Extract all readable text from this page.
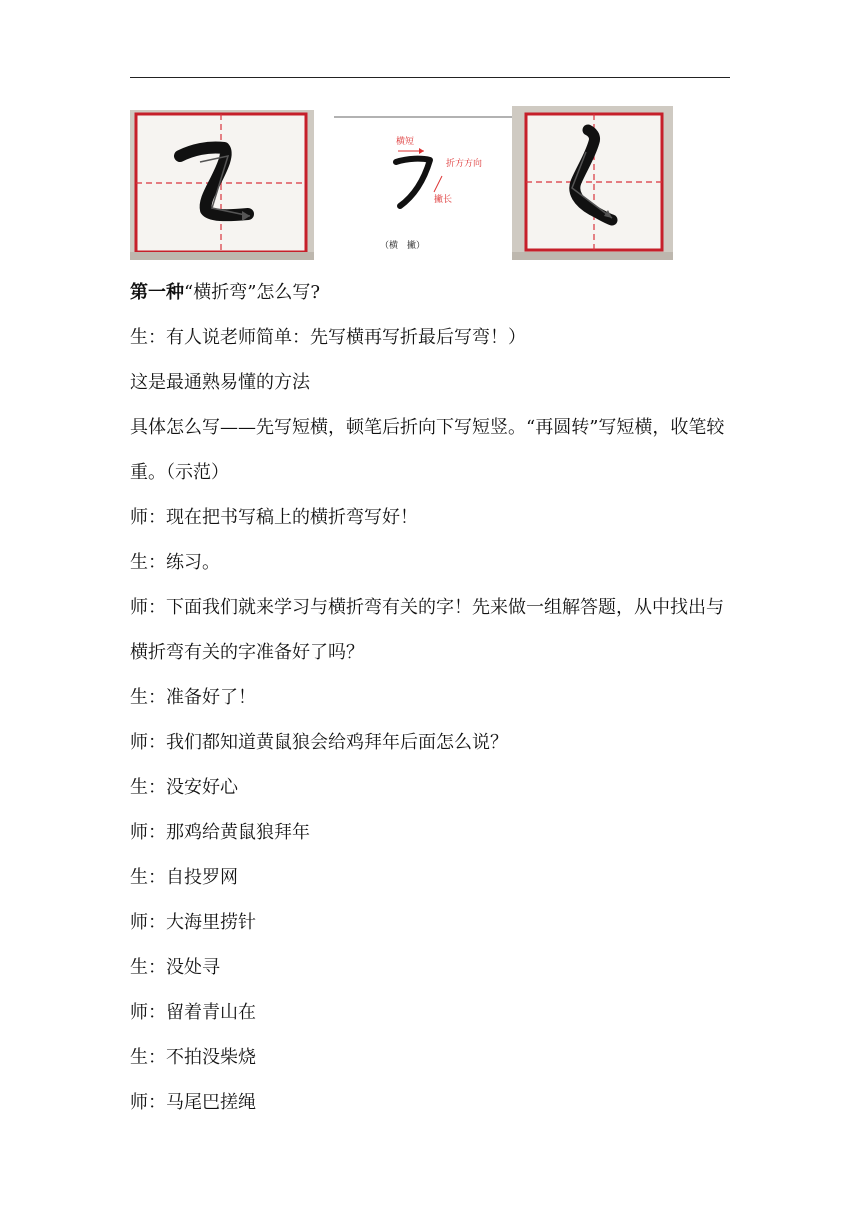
横短
折方方向
撇长
（横　撇）

第一种“横折弯”怎么写?

生：有人说老师简单：先写横再写折最后写弯！）

这是最通熟易懂的方法

具体怎么写——先写短横，顿笔后折向下写短竖。“再圆转”写短横，收笔较重。（示范）

师：现在把书写稿上的横折弯写好！

生：练习。

师：下面我们就来学习与横折弯有关的字！先来做一组解答题，从中找出与横折弯有关的字准备好了吗？

生：准备好了！

师：我们都知道黄鼠狼会给鸡拜年后面怎么说？

生：没安好心

师：那鸡给黄鼠狼拜年

生：自投罗网

师：大海里捞针

生：没处寻

师：留着青山在

生：不拍没柴烧

师：马尾巴搓绳
